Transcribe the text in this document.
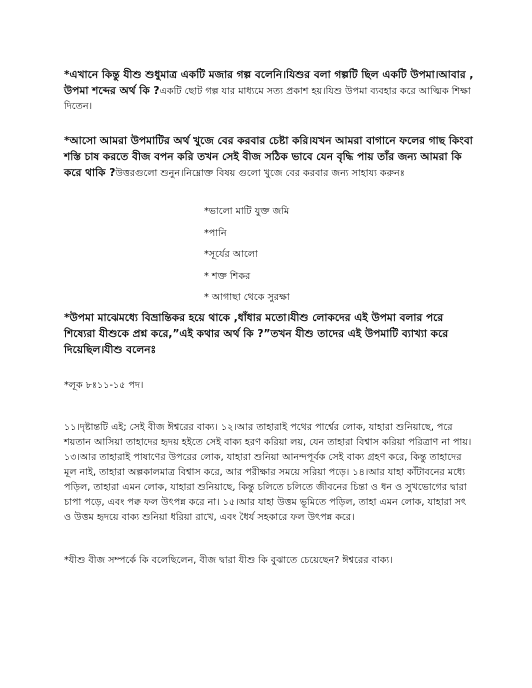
*এখানে কিন্তু যীশু শুধুমাত্র একটি মজার গল্প বলেনি।যিশুর বলা গল্পটি ছিল একটি উপমা।আবার , উপমা শব্দের অর্থ কি ?একটি ছোট গল্প যার মাধ্যমে সত্য প্রকাশ হয়।যিশু উপমা ব্যবহার করে আত্মিক শিক্ষা দিতেন।

*আসো আমরা উপমাটির অর্থ খুজে বের করবার চেষ্টা করি।যখন আমরা বাগানে ফলের গাছ কিংবা শস্তি চাষ করতে বীজ বপন করি তখন সেই বীজ সঠিক ভাবে যেন বৃদ্ধি পায় তাঁর জন্য আমরা কি করে থাকি ?উত্তরগুলো শুনুন।নিম্নোক্ত বিষয় গুলো খুজে বের করবার জন্য সাহায্য করুনঃ

*ভালো মাটি যুক্ত জমি
*পানি
*সূর্যের আলো
* শক্ত শিকর
* আগাছা থেকে সুরক্ষা

*উপমা মাঝেমধ্যে বিভ্রান্তিকর হয়ে থাকে ,ধাঁধার মতো।যীশু লোকদের এই উপমা বলার পরে শিষ্যেরা যীশুকে প্রশ্ন করে,”এই কথার অর্থ কি ?”তখন যীশু তাদের এই উপমাটি ব্যাখ্যা করে দিয়েছিল।যীশু বলেনঃ

*লূক ৮ঃ১১-১৫ পদ।

১১।দৃষ্টান্তটি এই; সেই বীজ ঈশ্বরের বাক্য। ১২।আর তাহারাই পথের পার্শ্বের লোক, যাহারা শুনিয়াছে, পরে শয়তান আসিয়া তাহাদের হৃদয় হইতে সেই বাক্য হরণ করিয়া লয়, যেন তাহারা বিশ্বাস করিয়া পরিত্রাণ না পায়। ১৩।আর তাহারাই পাষাণের উপরের লোক, যাহারা শুনিয়া আনন্দপূর্বক সেই বাক্য গ্রহণ করে, কিন্তু তাহাদের মূল নাই, তাহারা অল্পকালমাত্র বিশ্বাস করে, আর পরীক্ষার সময়ে সরিয়া পড়ে। ১৪।আর যাহা কাঁটাবনের মধ্যে পড়িল, তাহারা এমন লোক, যাহারা শুনিয়াছে, কিন্তু চলিতে চলিতে জীবনের চিন্তা ও ধন ও সুখভোগের দ্বারা চাপা পড়ে, এবং পক্ব ফল উৎপন্ন করে না। ১৫।আর যাহা উত্তম ভূমিতে পড়িল, তাহা এমন লোক, যাহারা সৎ ও উত্তম হৃদয়ে বাক্য শুনিয়া ধরিয়া রাখে, এবং ধৈর্য সহকারে ফল উৎপন্ন করে।

*যীশু বীজ সম্পর্কে কি বলেছিলেন, বীজ দ্বারা যীশু কি বুঝাতে চেয়েছেন? ঈশ্বরের বাক্য।
